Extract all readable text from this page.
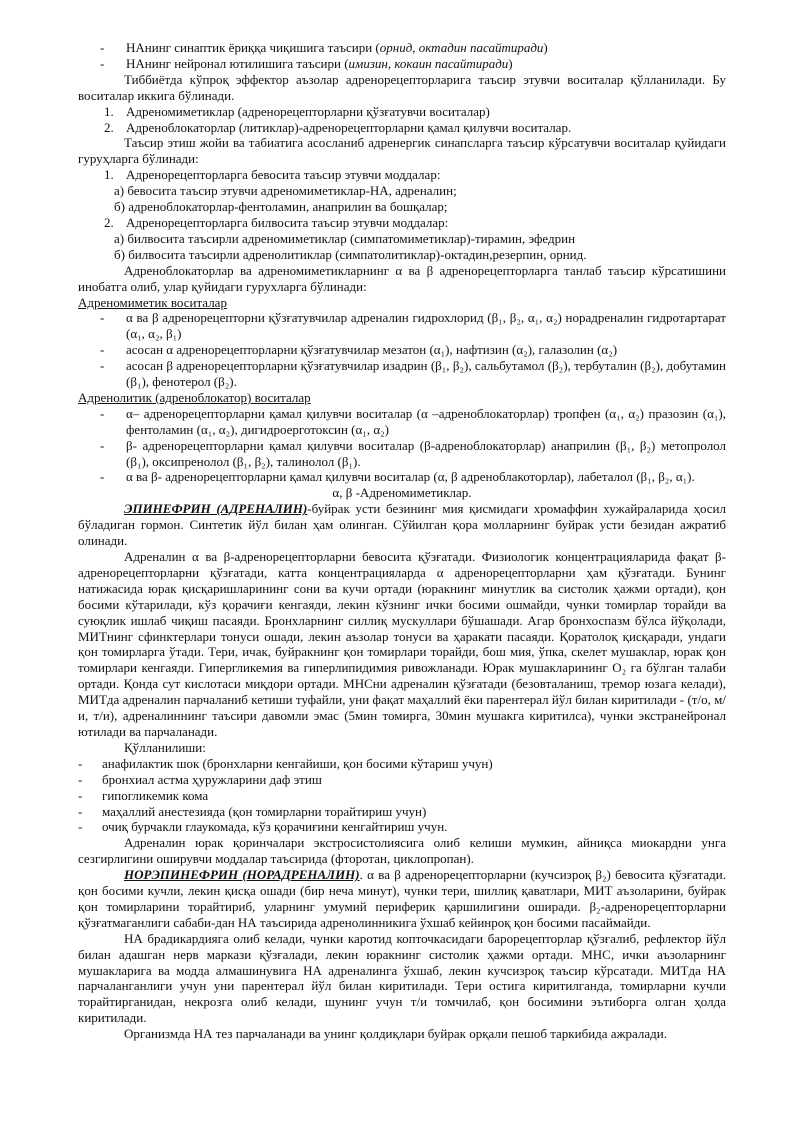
- НАнинг синаптик ёриққа чиқишига таъсири (орнид, октадин пасайтиради)
- НАнинг нейронал ютилишига таъсири (имизин, кокаин пасайтиради)

Тиббиётда кўпроқ эффектор аъзолар адренорецепторларига таъсир этувчи воситалар қўлланилади. Бу воситалар иккига бўлинади.

1. Адреномиметиклар (адренорецепторларни қўзғатувчи воситалар)
2. Адреноблокаторлар (литиклар)-адренорецепторларни қамал қилувчи воситалар.

Таъсир этиш жойи ва табиатига асосланиб адренергик синапсларга таъсир кўрсатувчи воситалар қуйидаги гуруҳларга бўлинади:

1. Адренорецепторларга бевосита таъсир этувчи моддалар:

а) бевосита таъсир этувчи адреномиметиклар-НА, адреналин;

б) адреноблокаторлар-фентоламин, анаприлин ва бошқалар;

2. Адренорецепторларга билвосита таъсир этувчи моддалар:

а) билвосита таъсирли адреномиметиклар (симпатомиметиклар)-тирамин, эфедрин

б) билвосита таъсирли адренолитиклар (симпатолитиклар)-октадин,резерпин, орнид.

Адреноблокаторлар ва адреномиметикларнинг α ва β адренорецепторларга танлаб таъсир кўрсатишини инобатга олиб, улар қуйидаги гурухларга бўлинади:

Адреномиметик воситалар

- α ва β адренорецепторни қўзғатувчилар адреналин гидрохлорид (β₁, β₂, α₁, α₂) норадреналин гидротартарат (α₁, α₂, β₁)
- асосан α адренорецепторларни қўзғатувчилар мезатон (α₁), нафтизин (α₂), галазолин (α₂)
- асосан β адренорецепторларни қўзғатувчилар изадрин (β₁, β₂), сальбутамол (β₂), тербуталин (β₂), добутамин (β₁), фенотерол (β₂).

Адренолитик (адреноблокатор) воситалар

- α– адренорецепторларни қамал қилувчи воситалар (α –адреноблокаторлар) тропфен (α₁, α₂) празозин (α₁), фентоламин (α₁, α₂), дигидроерготоксин (α₁, α₂)
- β- адренорецепторларни қамал қилувчи воситалар (β-адреноблокаторлар) анаприлин (β₁, β₂) метопролол (β₁), оксипренолол (β₁, β₂), талинолол (β₁).
- α ва β- адренорецепторларни қамал қилувчи воситалар (α, β адреноблакоторлар), лабеталол (β₁, β₂, α₁).

α, β -Адреномиметиклар.

ЭПИНЕФРИН (АДРЕНАЛИН)-буйрак усти безининг мия қисмидаги хромаффин хужайраларида ҳосил бўладиган гормон. Синтетик йўл билан ҳам олинган. Сўйилган қора молларнинг буйрак усти безидан ажратиб олинади.

Адреналин α ва β-адренорецепторларни бевосита қўзғатади. Физиологик концентрацияларида фақат β-адренорецепторларни қўзғатади, катта концентрацияларда α адренорецепторларни ҳам қўзғатади. Бунинг натижасида юрак қисқаришларининг сони ва кучи ортади (юракнинг минутлик ва систолик ҳажми ортади), қон босими кўтарилади, кўз қорачиғи кенгаяди, лекин кўзнинг ички босими ошмайди, чунки томирлар торайди ва суюқлик ишлаб чиқиш пасаяди. Бронхларнинг силлиқ мускуллари бўшашади. Агар бронхоспазм бўлса йўқолади, МИТнинг сфинктерлари тонуси ошади, лекин аъзолар тонуси ва ҳаракати пасаяди. Қоратолоқ қисқаради, ундаги қон томирларга ўтади. Тери, ичак, буйракнинг қон томирлари торайди, бош мия, ўпка, скелет мушаклар, юрак қон томирлари кенгаяди. Гипергликемия ва гиперлипидимия ривожланади. Юрак мушакларининг O₂ га бўлган талаби ортади. Қонда сут кислотаси миқдори ортади. МНСни адреналин қўзғатади (безовталаниш, тремор юзага келади), МИТда адреналин парчаланиб кетиши туфайли, уни фақат маҳаллий ёки парентерал йўл билан киритилади - (т/о, м/и, т/и), адреналиннинг таъсири давомли эмас (5мин томирга, 30мин мушакга киритилса), чунки экстранейронал ютилади ва парчаланади.

Қўлланилиши:

- анафилактик шок (бронхларни кенгайиши, қон босими кўтариш учун)
- бронхиал астма ҳуружларини даф этиш
- гипогликемик кома
- маҳаллий анестезияда (қон томирларни торайтириш учун)
- очиқ бурчакли глаукомада, кўз қорачиғини кенгайтириш учун.

Адреналин юрак қоринчалари экстросистолиясига олиб келиши мумкин, айниқса миокардни унга сезгирлигини оширувчи моддалар таъсирида (фторотан, циклопропан).

НОРЭПИНЕФРИН (НОРАДРЕНАЛИН). α ва β адренорецепторларни (кучсизроқ β₂) бевосита қўзғатади. қон босими кучли, лекин қисқа ошади (бир неча минут), чунки тери, шиллиқ қаватлари, МИТ аъзоларини, буйрак қон томирларини торайтириб, уларнинг умумий периферик қаршилигини оширади. β₂-адренорецепторларни қўзғатмаганлиги сабаби-дан НА таъсирида адренолинникига ўхшаб кейинроқ қон босими пасаймайди.

НА брадикардияга олиб келади, чунки каротид копточкасидаги барорецепторлар қўзғалиб, рефлектор йўл билан адашган нерв маркази қўзғалади, лекин юракнинг систолик ҳажми ортади. МНС, ички аъзоларнинг мушакларига ва модда алмашинувига НА адреналинга ўхшаб, лекин кучсизроқ таъсир кўрсатади. МИТда НА парчаланганлиги учун уни парентерал йўл билан киритилади. Тери остига киритилганда, томирларни кучли торайтирганидан, некрозга олиб келади, шунинг учун т/и томчилаб, қон босимини эътиборга олган ҳолда киритилади.

Организмда НА тез парчаланади ва унинг қолдиқлари буйрак орқали пешоб таркибида ажралади.
